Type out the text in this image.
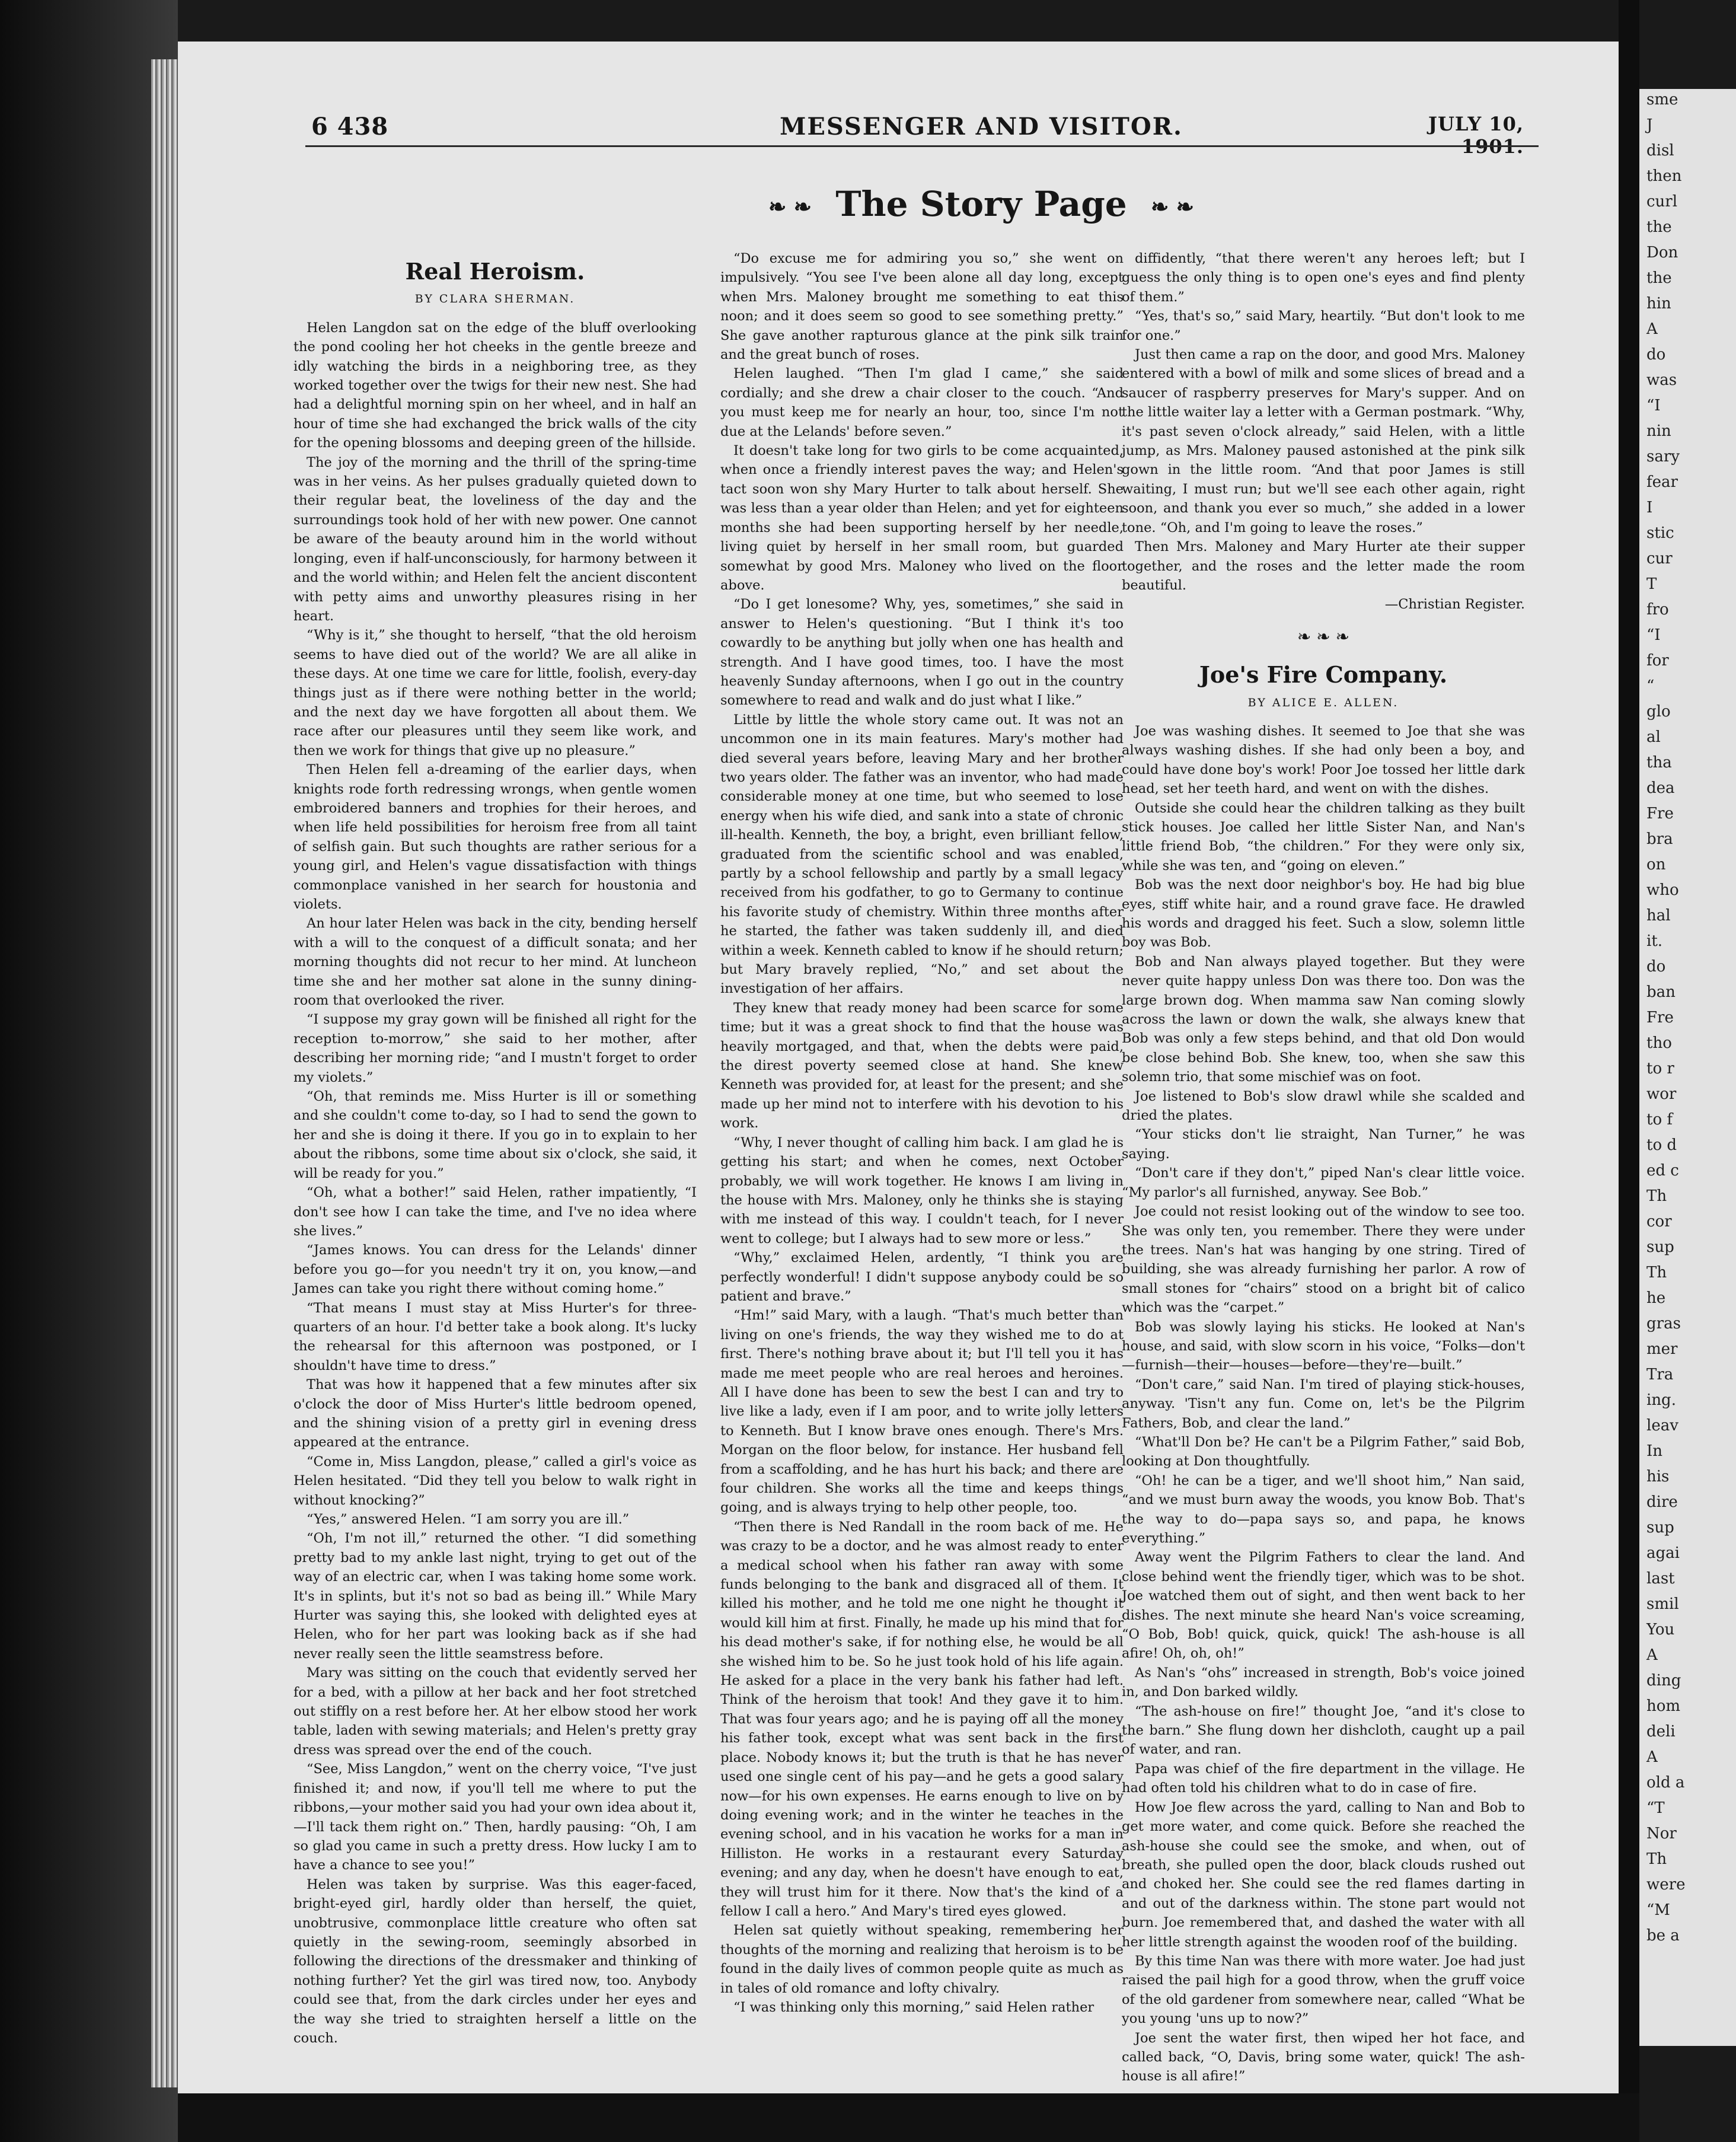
6 438	MESSENGER AND VISITOR.	JULY 10, 1901.
❧ ❧ The Story Page ❧ ❧
Real Heroism.
BY CLARA SHERMAN.

Helen Langdon sat on the edge of the bluff overlooking the pond cooling her hot cheeks in the gentle breeze and idly watching the birds in a neighboring tree, as they worked together over the twigs for their new nest. She had had a delightful morning spin on her wheel, and in half an hour of time she had exchanged the brick walls of the city for the opening blossoms and deeping green of the hillside.

The joy of the morning and the thrill of the spring-time was in her veins. As her pulses gradually quieted down to their regular beat, the loveliness of the day and the surroundings took hold of her with new power. One cannot be aware of the beauty around him in the world without longing, even if half-unconsciously, for harmony between it and the world within; and Helen felt the ancient discontent with petty aims and unworthy pleasures rising in her heart.

“Why is it,” she thought to herself, “that the old heroism seems to have died out of the world? We are all alike in these days. At one time we care for little, foolish, every-day things just as if there were nothing better in the world; and the next day we have forgotten all about them. We race after our pleasures until they seem like work, and then we work for things that give up no pleasure.”

Then Helen fell a-dreaming of the earlier days, when knights rode forth redressing wrongs, when gentle women embroidered banners and trophies for their heroes, and when life held possibilities for heroism free from all taint of selfish gain. But such thoughts are rather serious for a young girl, and Helen's vague dissatisfaction with things commonplace vanished in her search for houstonia and violets.

An hour later Helen was back in the city, bending herself with a will to the conquest of a difficult sonata; and her morning thoughts did not recur to her mind. At luncheon time she and her mother sat alone in the sunny dining-room that overlooked the river.

“I suppose my gray gown will be finished all right for the reception to-morrow,” she said to her mother, after describing her morning ride; “and I mustn't forget to order my violets.”

“Oh, that reminds me. Miss Hurter is ill or something and she couldn't come to-day, so I had to send the gown to her and she is doing it there. If you go in to explain to her about the ribbons, some time about six o'clock, she said, it will be ready for you.”

“Oh, what a bother!” said Helen, rather impatiently, “I don't see how I can take the time, and I've no idea where she lives.”

“James knows. You can dress for the Lelands' dinner before you go—for you needn't try it on, you know,—and James can take you right there without coming home.”

“That means I must stay at Miss Hurter's for three-quarters of an hour. I'd better take a book along. It's lucky the rehearsal for this afternoon was postponed, or I shouldn't have time to dress.”

That was how it happened that a few minutes after six o'clock the door of Miss Hurter's little bedroom opened, and the shining vision of a pretty girl in evening dress appeared at the entrance.

“Come in, Miss Langdon, please,” called a girl's voice as Helen hesitated. “Did they tell you below to walk right in without knocking?”

“Yes,” answered Helen. “I am sorry you are ill.”

“Oh, I'm not ill,” returned the other. “I did something pretty bad to my ankle last night, trying to get out of the way of an electric car, when I was taking home some work. It's in splints, but it's not so bad as being ill.” While Mary Hurter was saying this, she looked with delighted eyes at Helen, who for her part was looking back as if she had never really seen the little seamstress before.

Mary was sitting on the couch that evidently served her for a bed, with a pillow at her back and her foot stretched out stiffly on a rest before her. At her elbow stood her work table, laden with sewing materials; and Helen's pretty gray dress was spread over the end of the couch.

“See, Miss Langdon,” went on the cherry voice, “I've just finished it; and now, if you'll tell me where to put the ribbons,—your mother said you had your own idea about it,—I'll tack them right on.” Then, hardly pausing: “Oh, I am so glad you came in such a pretty dress. How lucky I am to have a chance to see you!”

Helen was taken by surprise. Was this eager-faced, bright-eyed girl, hardly older than herself, the quiet, unobtrusive, commonplace little creature who often sat quietly in the sewing-room, seemingly absorbed in following the directions of the dressmaker and thinking of nothing further? Yet the girl was tired now, too. Anybody could see that, from the dark circles under her eyes and the way she tried to straighten herself a little on the couch.

“Do excuse me for admiring you so,” she went on impulsively. “You see I've been alone all day long, except when Mrs. Maloney brought me something to eat this noon; and it does seem so good to see something pretty.” She gave another rapturous glance at the pink silk train and the great bunch of roses.

Helen laughed. “Then I'm glad I came,” she said cordially; and she drew a chair closer to the couch. “And you must keep me for nearly an hour, too, since I'm not due at the Lelands' before seven.”

It doesn't take long for two girls to be come acquainted, when once a friendly interest paves the way; and Helen's tact soon won shy Mary Hurter to talk about herself. She was less than a year older than Helen; and yet for eighteen months she had been supporting herself by her needle, living quiet by herself in her small room, but guarded somewhat by good Mrs. Maloney who lived on the floor above.

“Do I get lonesome? Why, yes, sometimes,” she said in answer to Helen's questioning. “But I think it's too cowardly to be anything but jolly when one has health and strength. And I have good times, too. I have the most heavenly Sunday afternoons, when I go out in the country somewhere to read and walk and do just what I like.”

Little by little the whole story came out. It was not an uncommon one in its main features. Mary's mother had died several years before, leaving Mary and her brother two years older. The father was an inventor, who had made considerable money at one time, but who seemed to lose energy when his wife died, and sank into a state of chronic ill-health. Kenneth, the boy, a bright, even brilliant fellow, graduated from the scientific school and was enabled, partly by a school fellowship and partly by a small legacy received from his godfather, to go to Germany to continue his favorite study of chemistry. Within three months after he started, the father was taken suddenly ill, and died within a week. Kenneth cabled to know if he should return; but Mary bravely replied, “No,” and set about the investigation of her affairs.

They knew that ready money had been scarce for some time; but it was a great shock to find that the house was heavily mortgaged, and that, when the debts were paid, the direst poverty seemed close at hand. She knew Kenneth was provided for, at least for the present; and she made up her mind not to interfere with his devotion to his work.

“Why, I never thought of calling him back. I am glad he is getting his start; and when he comes, next October probably, we will work together. He knows I am living in the house with Mrs. Maloney, only he thinks she is staying with me instead of this way. I couldn't teach, for I never went to college; but I always had to sew more or less.”

“Why,” exclaimed Helen, ardently, “I think you are perfectly wonderful! I didn't suppose anybody could be so patient and brave.”

“Hm!” said Mary, with a laugh. “That's much better than living on one's friends, the way they wished me to do at first. There's nothing brave about it; but I'll tell you it has made me meet people who are real heroes and heroines. All I have done has been to sew the best I can and try to live like a lady, even if I am poor, and to write jolly letters to Kenneth. But I know brave ones enough. There's Mrs. Morgan on the floor below, for instance. Her husband fell from a scaffolding, and he has hurt his back; and there are four children. She works all the time and keeps things going, and is always trying to help other people, too.

“Then there is Ned Randall in the room back of me. He was crazy to be a doctor, and he was almost ready to enter a medical school when his father ran away with some funds belonging to the bank and disgraced all of them. It killed his mother, and he told me one night he thought it would kill him at first. Finally, he made up his mind that for his dead mother's sake, if for nothing else, he would be all she wished him to be. So he just took hold of his life again. He asked for a place in the very bank his father had left. Think of the heroism that took! And they gave it to him. That was four years ago; and he is paying off all the money his father took, except what was sent back in the first place. Nobody knows it; but the truth is that he has never used one single cent of his pay—and he gets a good salary now—for his own expenses. He earns enough to live on by doing evening work; and in the winter he teaches in the evening school, and in his vacation he works for a man in Hilliston. He works in a restaurant every Saturday evening; and any day, when he doesn't have enough to eat, they will trust him for it there. Now that's the kind of a fellow I call a hero.” And Mary's tired eyes glowed.

Helen sat quietly without speaking, remembering her thoughts of the morning and realizing that heroism is to be found in the daily lives of common people quite as much as in tales of old romance and lofty chivalry.

“I was thinking only this morning,” said Helen rather

diffidently, “that there weren't any heroes left; but I guess the only thing is to open one's eyes and find plenty of them.”

“Yes, that's so,” said Mary, heartily. “But don't look to me for one.”

Just then came a rap on the door, and good Mrs. Maloney entered with a bowl of milk and some slices of bread and a saucer of raspberry preserves for Mary's supper. And on the little waiter lay a letter with a German postmark. “Why, it's past seven o'clock already,” said Helen, with a little jump, as Mrs. Maloney paused astonished at the pink silk gown in the little room. “And that poor James is still waiting, I must run; but we'll see each other again, right soon, and thank you ever so much,” she added in a lower tone. “Oh, and I'm going to leave the roses.”

Then Mrs. Maloney and Mary Hurter ate their supper together, and the roses and the letter made the room beautiful.

—Christian Register.

❧ ❧ ❧
Joe's Fire Company.
BY ALICE E. ALLEN.

Joe was washing dishes. It seemed to Joe that she was always washing dishes. If she had only been a boy, and could have done boy's work! Poor Joe tossed her little dark head, set her teeth hard, and went on with the dishes.

Outside she could hear the children talking as they built stick houses. Joe called her little Sister Nan, and Nan's little friend Bob, “the children.” For they were only six, while she was ten, and “going on eleven.”

Bob was the next door neighbor's boy. He had big blue eyes, stiff white hair, and a round grave face. He drawled his words and dragged his feet. Such a slow, solemn little boy was Bob.

Bob and Nan always played together. But they were never quite happy unless Don was there too. Don was the large brown dog. When mamma saw Nan coming slowly across the lawn or down the walk, she always knew that Bob was only a few steps behind, and that old Don would be close behind Bob. She knew, too, when she saw this solemn trio, that some mischief was on foot.

Joe listened to Bob's slow drawl while she scalded and dried the plates.

“Your sticks don't lie straight, Nan Turner,” he was saying.

“Don't care if they don't,” piped Nan's clear little voice. “My parlor's all furnished, anyway. See Bob.”

Joe could not resist looking out of the window to see too. She was only ten, you remember. There they were under the trees. Nan's hat was hanging by one string. Tired of building, she was already furnishing her parlor. A row of small stones for “chairs” stood on a bright bit of calico which was the “carpet.”

Bob was slowly laying his sticks. He looked at Nan's house, and said, with slow scorn in his voice, “Folks—don't—furnish—their—houses—before—they're—built.”

“Don't care,” said Nan. I'm tired of playing stick-houses, anyway. 'Tisn't any fun. Come on, let's be the Pilgrim Fathers, Bob, and clear the land.”

“What'll Don be? He can't be a Pilgrim Father,” said Bob, looking at Don thoughtfully.

“Oh! he can be a tiger, and we'll shoot him,” Nan said, “and we must burn away the woods, you know Bob. That's the way to do—papa says so, and papa, he knows everything.”

Away went the Pilgrim Fathers to clear the land. And close behind went the friendly tiger, which was to be shot. Joe watched them out of sight, and then went back to her dishes. The next minute she heard Nan's voice screaming, “O Bob, Bob! quick, quick, quick! The ash-house is all afire! Oh, oh, oh!”

As Nan's “ohs” increased in strength, Bob's voice joined in, and Don barked wildly.

“The ash-house on fire!” thought Joe, “and it's close to the barn.” She flung down her dishcloth, caught up a pail of water, and ran.

Papa was chief of the fire department in the village. He had often told his children what to do in case of fire.

How Joe flew across the yard, calling to Nan and Bob to get more water, and come quick. Before she reached the ash-house she could see the smoke, and when, out of breath, she pulled open the door, black clouds rushed out and choked her. She could see the red flames darting in and out of the darkness within. The stone part would not burn. Joe remembered that, and dashed the water with all her little strength against the wooden roof of the building.

By this time Nan was there with more water. Joe had just raised the pail high for a good throw, when the gruff voice of the old gardener from somewhere near, called “What be you young 'uns up to now?”

Joe sent the water first, then wiped her hot face, and called back, “O, Davis, bring some water, quick! The ash-house is all afire!”

sme
J
disl
then
curl
the
Don
the
hin
A
do
was
“I
nin
sary
fear
I
stic
cur
T
fro
“I
for
“
glo
al
tha
dea
Fre
bra
on
who
hal
it.
do
ban
Fre
tho
to r
wor
to f
to d
ed c
Th
cor
sup
Th
he
gras
mer
Tra
ing.
leav
In
his
dire
sup
agai
last
smil
You
A
ding
hom
deli
A
old a
“T
Nor
Th
were
“M
be a
